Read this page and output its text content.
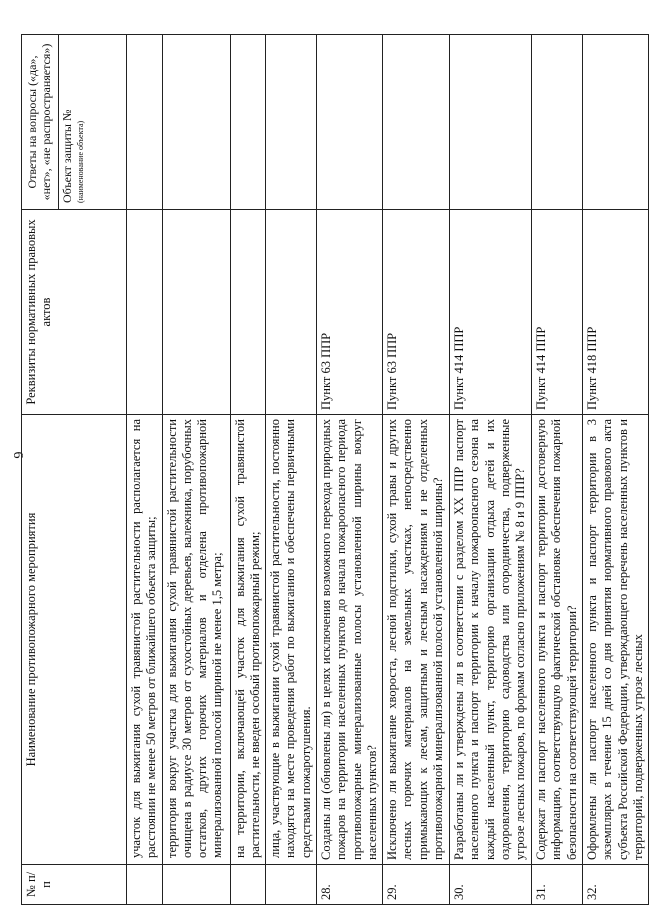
6
№ п/п	Наименование противопожарного мероприятия	Реквизиты нормативных правовых актов	Ответы на вопросы («да», «нет», «не распространяется») Объект защиты № (наименование объекта)

	участок для выжигания сухой травянистой растительности располагается на расстоянии не менее 50 метров от ближайшего объекта защиты;		
	территория вокруг участка для выжигания сухой травянистой растительности очищена в радиусе 30 метров от сухостойных деревьев, валежника, порубочных остатков, других горючих материалов и отделена противопожарной минерализованной полосой шириной не менее 1,5 метра;		
	на территории, включающей участок для выжигания сухой травянистой растительности, не введен особый противопожарный режим;		
	лица, участвующие в выжигании сухой травянистой растительности, постоянно находятся на месте проведения работ по выжиганию и обеспечены первичными средствами пожаротушения.		
28.	Созданы ли (обновлены ли) в целях исключения возможного перехода природных пожаров на территории населенных пунктов до начала пожароопасного периода противопожарные минерализованные полосы установленной ширины вокруг населенных пунктов?	Пункт 63 ППР	
29.	Исключено ли выжигание хвороста, лесной подстилки, сухой травы и других лесных горючих материалов на земельных участках, непосредственно примыкающих к лесам, защитным и лесным насаждениям и не отделенных противопожарной минерализованной полосой установленной ширины?	Пункт 63 ППР	
30.	Разработаны ли и утверждены ли в соответствии с разделом XX ППР паспорт населенного пункта и паспорт территории к началу пожароопасного сезона на каждый населенный пункт, территорию организации отдыха детей и их оздоровления, территорию садоводства или огородничества, подверженные угрозе лесных пожаров, по формам согласно приложениям № 8 и 9 ППР?	Пункт 414 ППР	
31.	Содержат ли паспорт населенного пункта и паспорт территории достоверную информацию, соответствующую фактической обстановке обеспечения пожарной безопасности на соответствующей территории?	Пункт 414 ППР	
32.	Оформлены ли паспорт населенного пункта и паспорт территории в 3 экземплярах в течение 15 дней со дня принятия нормативного правового акта субъекта Российской Федерации, утверждающего перечень населенных пунктов и территорий, подверженных угрозе лесных	Пункт 418 ППР	
